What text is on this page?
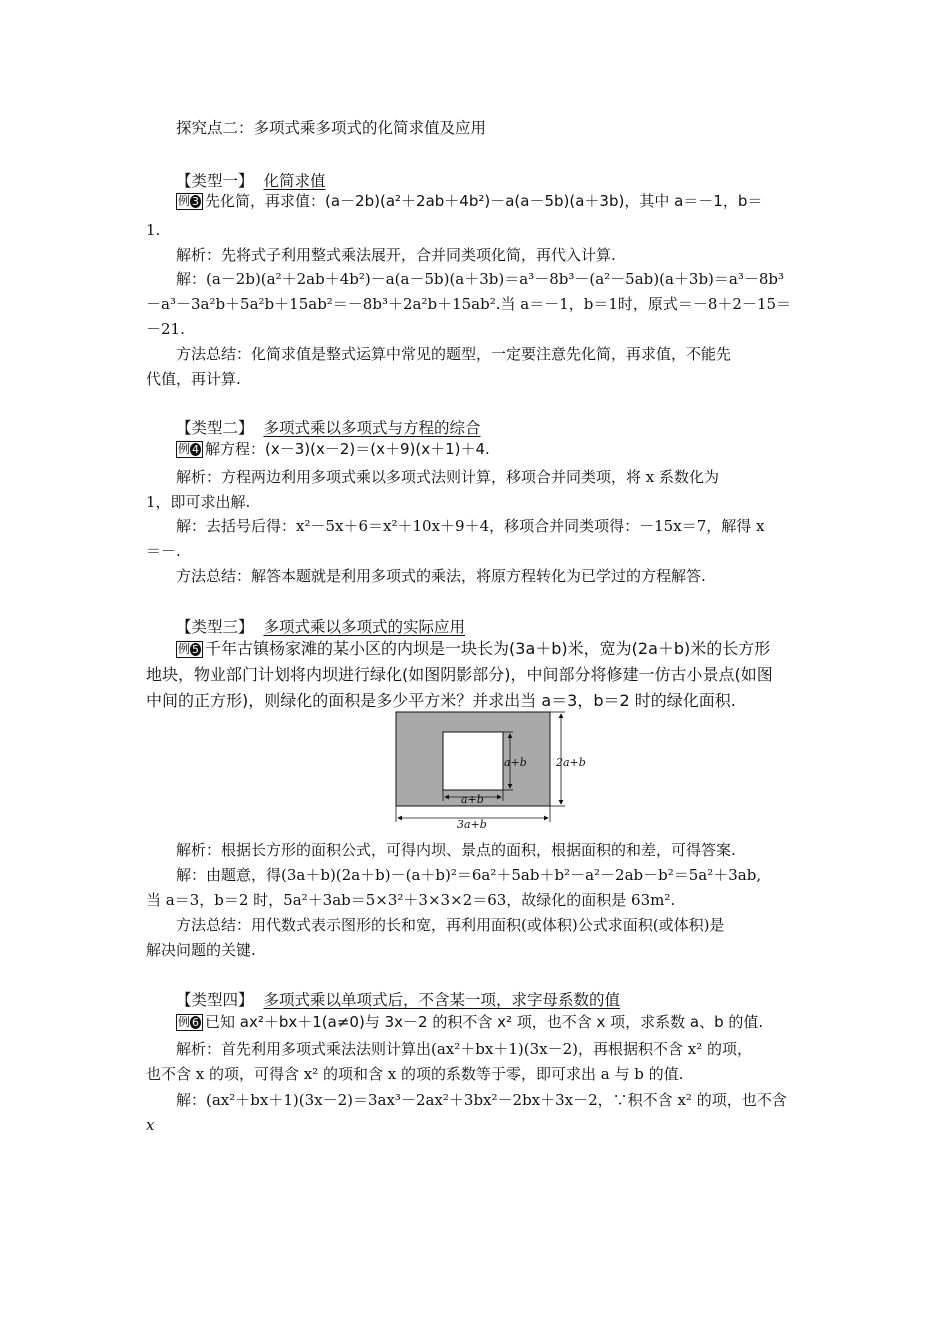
探究点二：多项式乘多项式的化简求值及应用
【类型一】 化简求值
例 3 先化简，再求值：(a－2b)(a²＋2ab＋4b²)－a(a－5b)(a＋3b)，其中 a＝－1，b＝
1.
解析：先将式子利用整式乘法展开，合并同类项化简，再代入计算.
解：(a－2b)(a²＋2ab＋4b²)－a(a－5b)(a＋3b)＝a³－8b³－(a²－5ab)(a＋3b)＝a³－8b³
－a³－3a²b＋5a²b＋15ab²＝－8b³＋2a²b＋15ab².当 a＝－1，b＝1时，原式＝－8＋2－15＝
－21.
方法总结：化简求值是整式运算中常见的题型，一定要注意先化简，再求值，不能先
代值，再计算.
【类型二】 多项式乘以多项式与方程的综合
例 4 解方程：(x－3)(x－2)＝(x＋9)(x＋1)＋4.
解析：方程两边利用多项式乘以多项式法则计算，移项合并同类项，将 x 系数化为
1，即可求出解.
解：去括号后得：x²－5x＋6＝x²＋10x＋9＋4，移项合并同类项得：－15x＝7，解得 x
＝－.
方法总结：解答本题就是利用多项式的乘法，将原方程转化为已学过的方程解答.
【类型三】 多项式乘以多项式的实际应用
例 5 千年古镇杨家滩的某小区的内坝是一块长为(3a＋b)米，宽为(2a＋b)米的长方形
地块，物业部门计划将内坝进行绿化(如图阴影部分)，中间部分将修建一仿古小景点(如图
中间的正方形)，则绿化的面积是多少平方米？并求出当 a＝3，b＝2 时的绿化面积.
a+b
a+b
2a+b
3a+b
解析：根据长方形的面积公式，可得内坝、景点的面积，根据面积的和差，可得答案.
解：由题意，得(3a＋b)(2a＋b)－(a＋b)²＝6a²＋5ab＋b²－a²－2ab－b²＝5a²＋3ab,
当 a＝3，b＝2 时，5a²＋3ab＝5×3²＋3×3×2＝63，故绿化的面积是 63m².
方法总结：用代数式表示图形的长和宽，再利用面积(或体积)公式求面积(或体积)是
解决问题的关键.
【类型四】 多项式乘以单项式后，不含某一项，求字母系数的值
例 6 已知 ax²＋bx＋1(a≠0)与 3x－2 的积不含 x² 项，也不含 x 项，求系数 a、b 的值.
解析：首先利用多项式乘法法则计算出(ax²＋bx＋1)(3x－2)，再根据积不含 x² 的项，
也不含 x 的项，可得含 x² 的项和含 x 的项的系数等于零，即可求出 a 与 b 的值.
解：(ax²＋bx＋1)(3x－2)＝3ax³－2ax²＋3bx²－2bx＋3x－2，∵积不含 x² 的项，也不含
x
